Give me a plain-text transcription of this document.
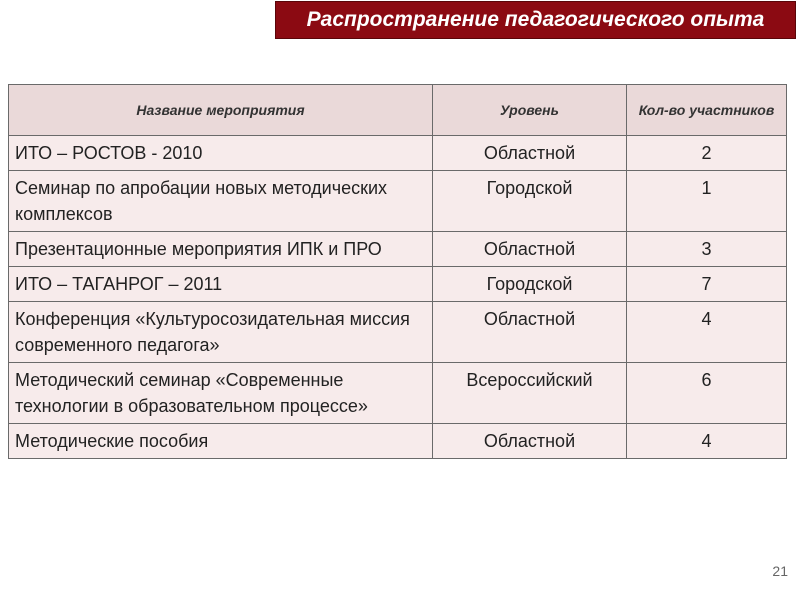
Распространение педагогического опыта
Название мероприятия	Уровень	Кол-во участников
ИТО – РОСТОВ - 2010	Областной	2
Семинар по апробации новых методических комплексов	Городской	1
Презентационные мероприятия ИПК и ПРО	Областной	3
ИТО – ТАГАНРОГ – 2011	Городской	7
Конференция «Культуросозидательная миссия современного педагога»	Областной	4
Методический семинар «Современные технологии в образовательном процессе»	Всероссийский	6
Методические пособия	Областной	4
21
